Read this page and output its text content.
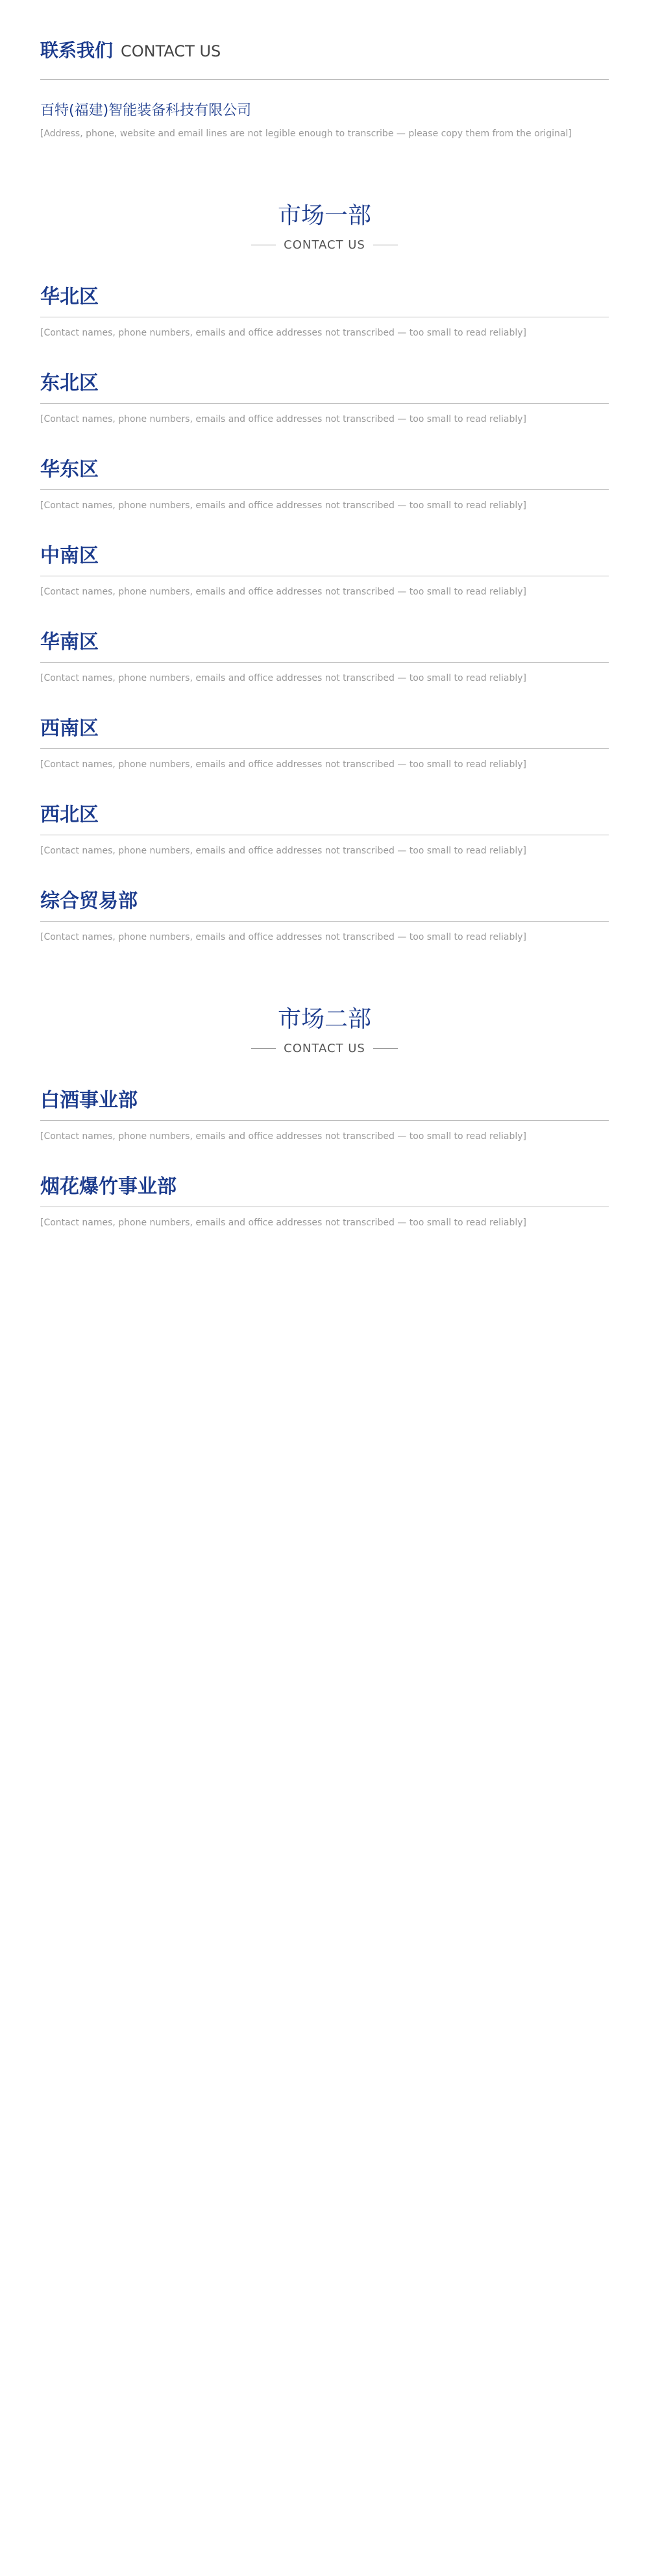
联系我们 CONTACT US
百特(福建)智能装备科技有限公司
[Address, phone, website and email lines are not legible enough to transcribe — please copy them from the original]
市场一部
CONTACT US
华北区
[Contact names, phone numbers, emails and office addresses not transcribed — too small to read reliably]
东北区
[Contact names, phone numbers, emails and office addresses not transcribed — too small to read reliably]
华东区
[Contact names, phone numbers, emails and office addresses not transcribed — too small to read reliably]
中南区
[Contact names, phone numbers, emails and office addresses not transcribed — too small to read reliably]
华南区
[Contact names, phone numbers, emails and office addresses not transcribed — too small to read reliably]
西南区
[Contact names, phone numbers, emails and office addresses not transcribed — too small to read reliably]
西北区
[Contact names, phone numbers, emails and office addresses not transcribed — too small to read reliably]
综合贸易部
[Contact names, phone numbers, emails and office addresses not transcribed — too small to read reliably]
市场二部
CONTACT US
白酒事业部
[Contact names, phone numbers, emails and office addresses not transcribed — too small to read reliably]
烟花爆竹事业部
[Contact names, phone numbers, emails and office addresses not transcribed — too small to read reliably]
